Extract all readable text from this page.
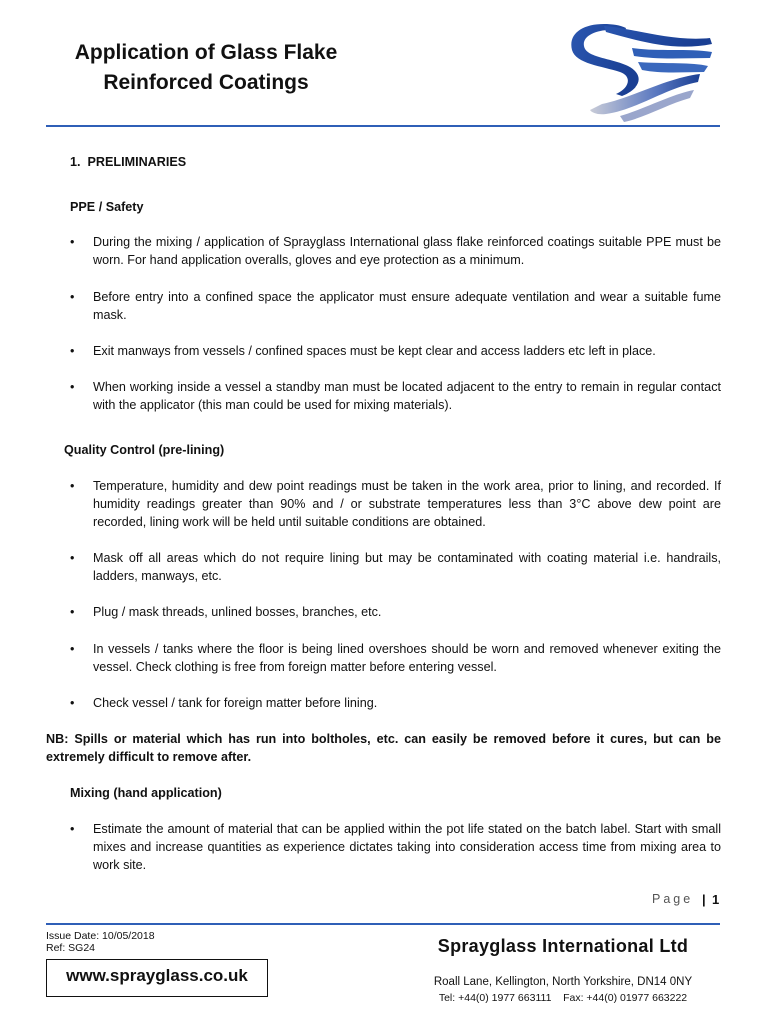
Application of Glass Flake
Reinforced Coatings
1.  PRELIMINARIES
PPE / Safety
•	During the mixing / application of Sprayglass International glass flake reinforced coatings suitable PPE must be worn. For hand application overalls, gloves and eye protection as a minimum.
•	Before entry into a confined space the applicator must ensure adequate ventilation and wear a suitable fume mask.
•	Exit manways from vessels / confined spaces must be kept clear and access ladders etc left in place.
•	When working inside a vessel a standby man must be located adjacent to the entry to remain in regular contact with the applicator (this man could be used for mixing materials).
Quality Control (pre-lining)
•	Temperature, humidity and dew point readings must be taken in the work area, prior to lining, and recorded. If humidity readings greater than 90% and / or substrate temperatures less than 3°C above dew point are recorded, lining work will be held until suitable conditions are obtained.
•	Mask off all areas which do not require lining but may be contaminated with coating material i.e. handrails, ladders, manways, etc.
•	Plug / mask threads, unlined bosses, branches, etc.
•	In vessels / tanks where the floor is being lined overshoes should be worn and removed whenever exiting the vessel. Check clothing is free from foreign matter before entering vessel.
•	Check vessel / tank for foreign matter before lining.
NB: Spills or material which has run into boltholes, etc. can easily be removed before it cures, but can be extremely difficult to remove after.
Mixing (hand application)
•	Estimate the amount of material that can be applied within the pot life stated on the batch label. Start with small mixes and increase quantities as experience dictates taking into consideration access time from mixing area to work site.
Page | 1
Issue Date: 10/05/2018
Ref: SG24
www.sprayglass.co.uk
Sprayglass International Ltd
Roall Lane, Kellington, North Yorkshire, DN14 0NY
Tel: +44(0) 1977 663111    Fax: +44(0) 01977 663222
